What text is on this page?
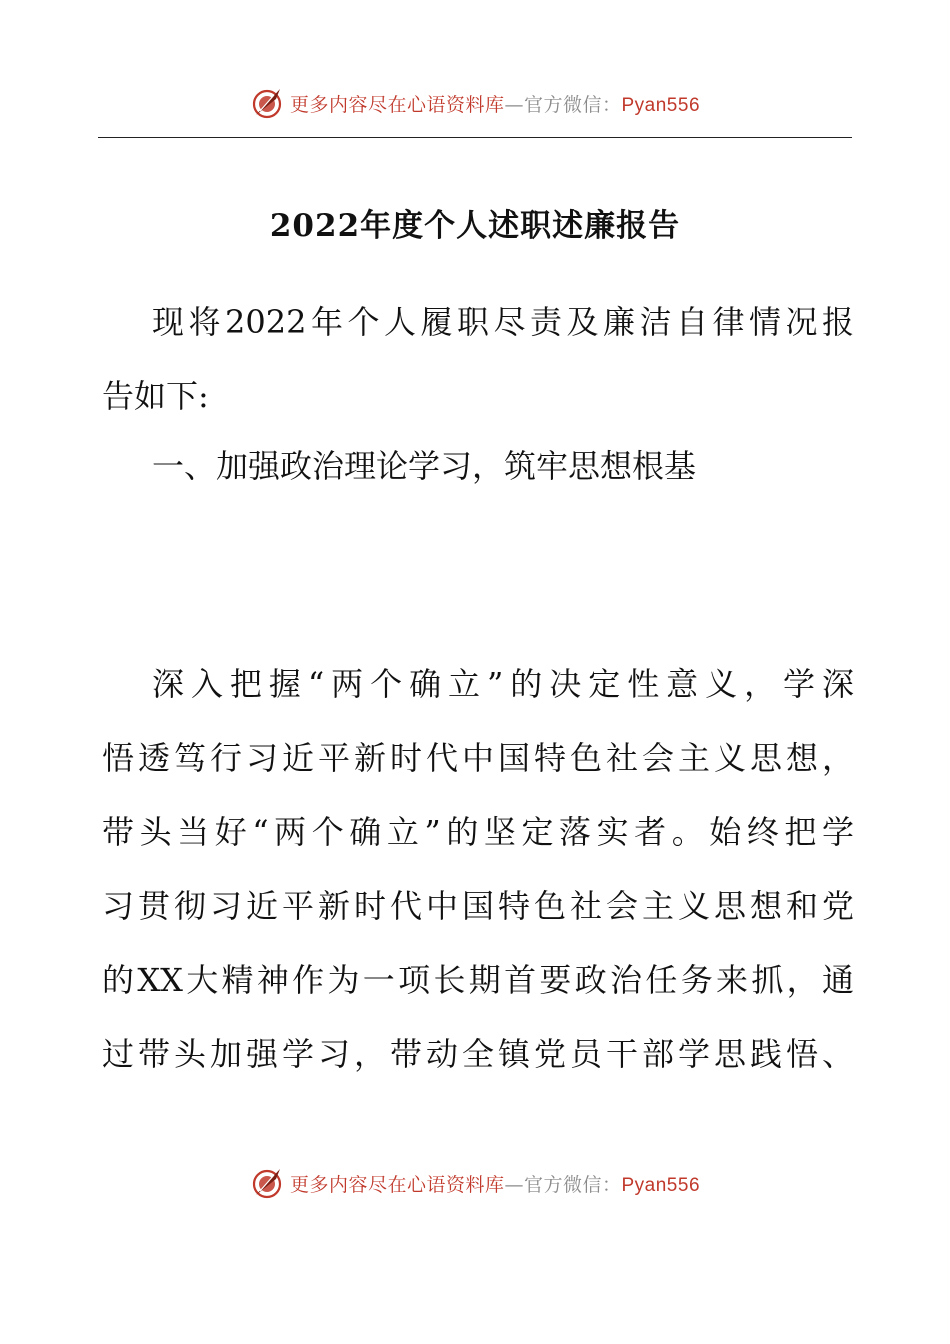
更多内容尽在心语资料库—官方微信：Pyan556
2022年度个人述职述廉报告
现将2022年个人履职尽责及廉洁自律情况报
告如下:
一、加强政治理论学习，筑牢思想根基
深入把握“两个确立”的决定性意义，学深
悟透笃行习近平新时代中国特色社会主义思想，
带头当好“两个确立”的坚定落实者。始终把学
习贯彻习近平新时代中国特色社会主义思想和党
的XX大精神作为一项长期首要政治任务来抓，通
过带头加强学习，带动全镇党员干部学思践悟、
更多内容尽在心语资料库—官方微信：Pyan556
